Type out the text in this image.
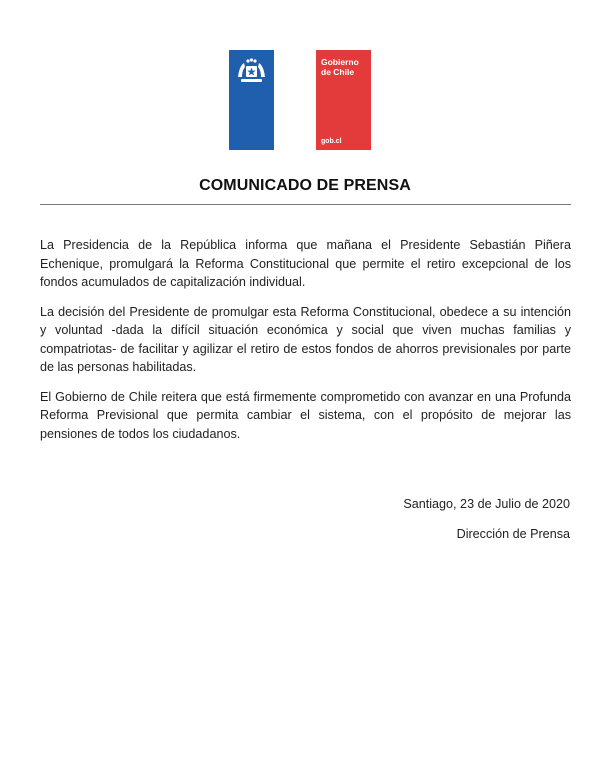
Gobierno
de Chile
gob.cl
COMUNICADO DE PRENSA

La Presidencia de la República informa que mañana el Presidente Sebastián Piñera Echenique, promulgará la Reforma Constitucional que permite el retiro excepcional de los fondos acumulados de capitalización individual.

La decisión del Presidente de promulgar esta Reforma Constitucional, obedece a su intención y voluntad -dada la difícil situación económica y social que viven muchas familias y compatriotas- de facilitar y agilizar el retiro de estos fondos de ahorros previsionales por parte de las personas habilitadas.

El Gobierno de Chile reitera que está firmemente comprometido con avanzar en una Profunda Reforma Previsional que permita cambiar el sistema, con el propósito de mejorar las pensiones de todos los ciudadanos.

Santiago, 23 de Julio de 2020
Dirección de Prensa
